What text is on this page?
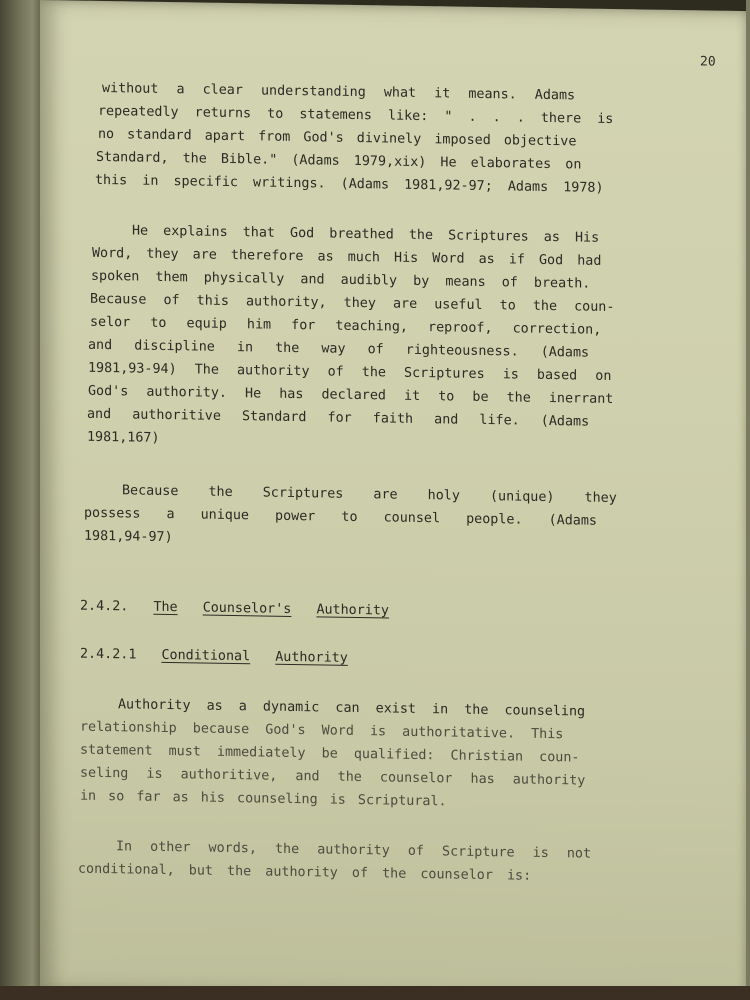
20
without a clear understanding what it means. Adams
repeatedly returns to statemens like: " . . . there is
no standard apart from God's divinely imposed objective
Standard, the Bible." (Adams 1979,xix) He elaborates on
this in specific writings. (Adams 1981,92-97; Adams 1978)
He explains that God breathed the Scriptures as His
Word, they are therefore as much His Word as if God had
spoken them physically and audibly by means of breath.
Because of this authority, they are useful to the coun-
selor to equip him for teaching, reproof, correction,
and discipline in the way of righteousness. (Adams
1981,93-94) The authority of the Scriptures is based on
God's authority. He has declared it to be the inerrant
and authoritive Standard for faith and life. (Adams
1981,167)
Because the Scriptures are holy (unique) they
possess a unique power to counsel people. (Adams
1981,94-97)
2.4.2. The Counselor's Authority
2.4.2.1 Conditional Authority
Authority as a dynamic can exist in the counseling
relationship because God's Word is authoritative. This
statement must immediately be qualified: Christian coun-
seling is authoritive, and the counselor has authority
in so far as his counseling is Scriptural.
In other words, the authority of Scripture is not
conditional, but the authority of the counselor is:
